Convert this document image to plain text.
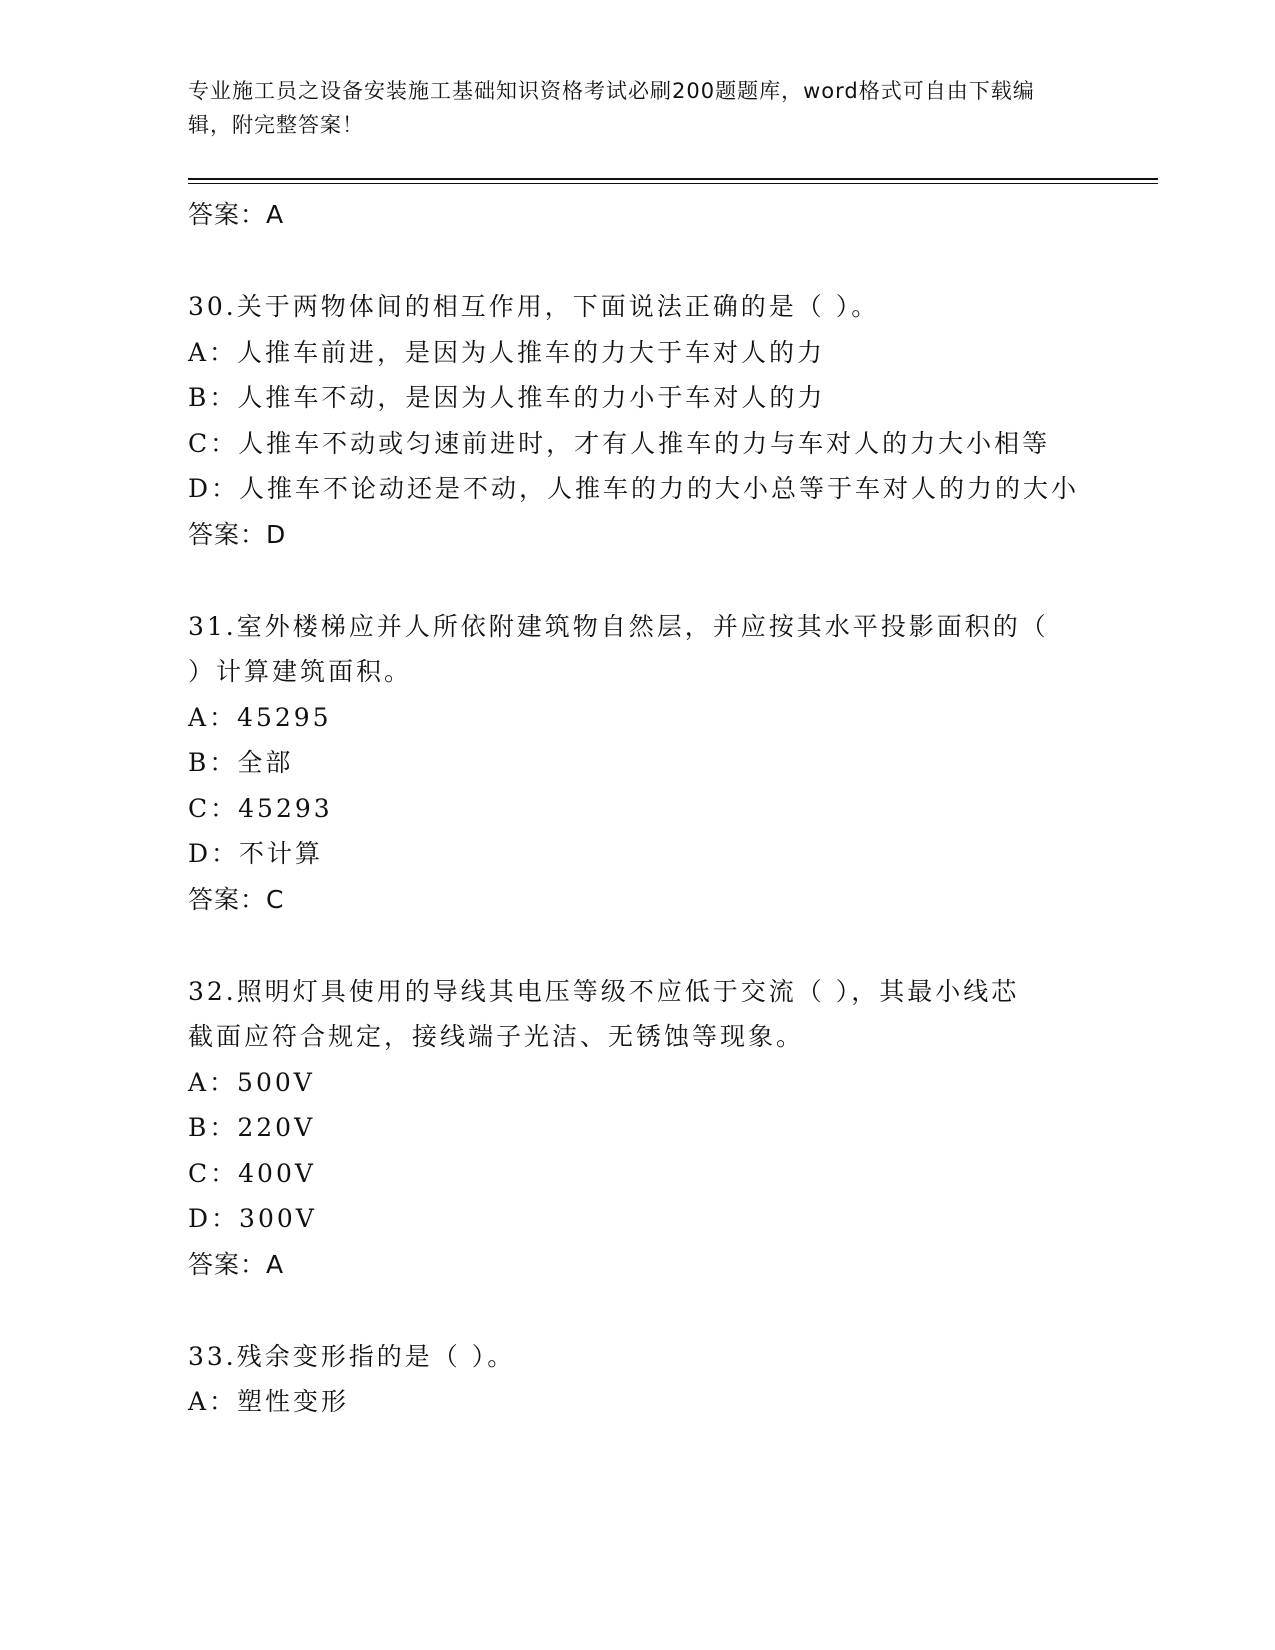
专业施工员之设备安装施工基础知识资格考试必刷200题题库，word格式可自由下载编辑，附完整答案！
答案：A
30.关于两物体间的相互作用，下面说法正确的是（ ）。
A：人推车前进，是因为人推车的力大于车对人的力
B：人推车不动，是因为人推车的力小于车对人的力
C：人推车不动或匀速前进时，才有人推车的力与车对人的力大小相等
D：人推车不论动还是不动，人推车的力的大小总等于车对人的力的大小
答案：D
31.室外楼梯应并人所依附建筑物自然层，并应按其水平投影面积的（
）计算建筑面积。
A：45295
B：全部
C：45293
D：不计算
答案：C
32.照明灯具使用的导线其电压等级不应低于交流（ ），其最小线芯
截面应符合规定，接线端子光洁、无锈蚀等现象。
A：500V
B：220V
C：400V
D：300V
答案：A
33.残余变形指的是（ ）。
A：塑性变形
